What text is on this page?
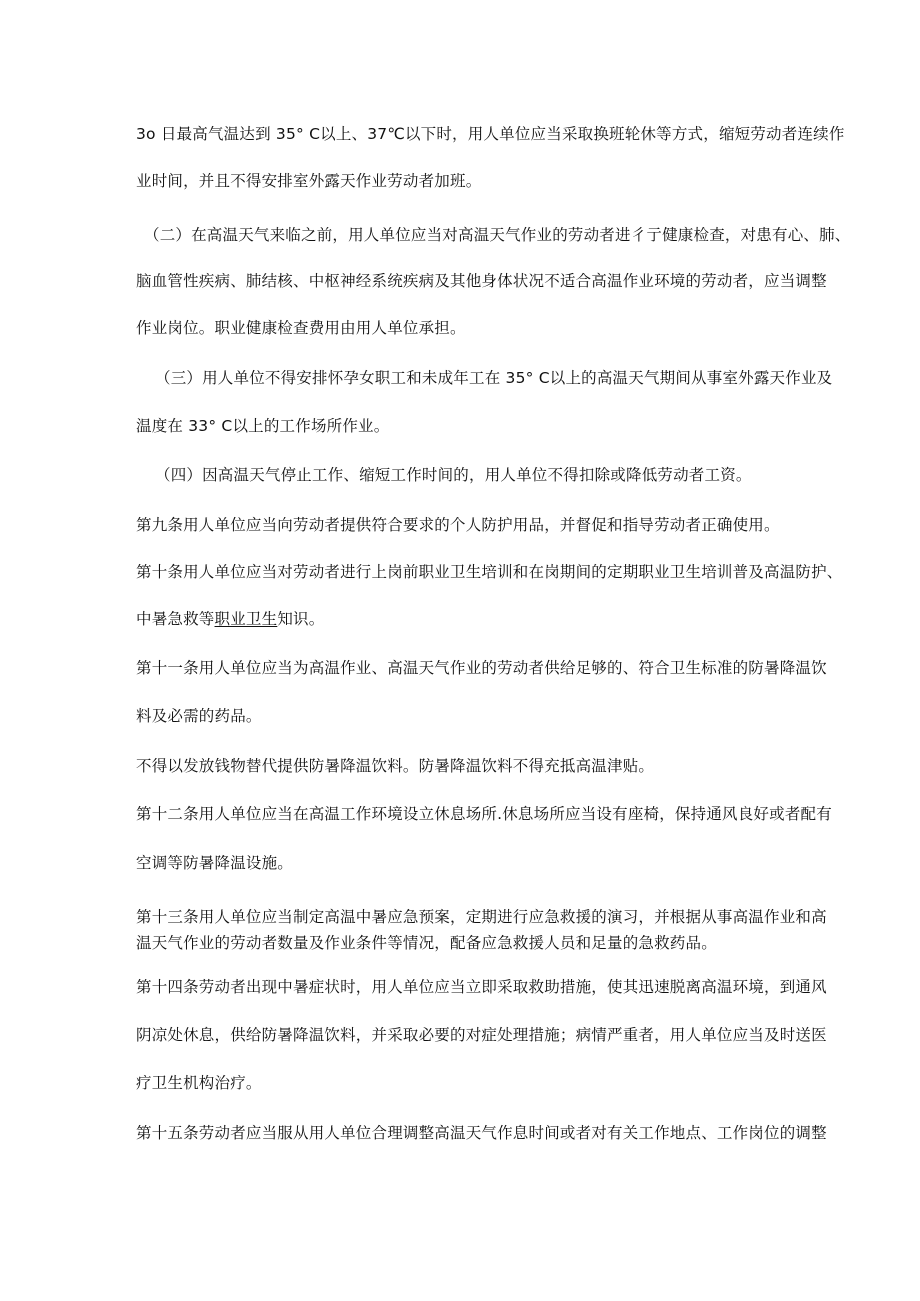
3o 日最高气温达到 35° C以上、37℃以下时，用人单位应当采取换班轮休等方式，缩短劳动者连续作
业时间，并且不得安排室外露天作业劳动者加班。
（二）在高温天气来临之前，用人单位应当对高温天气作业的劳动者进彳亍健康检查，对患有心、肺、
脑血管性疾病、肺结核、中枢神经系统疾病及其他身体状况不适合高温作业环境的劳动者，应当调整
作业岗位。职业健康检查费用由用人单位承担。
（三）用人单位不得安排怀孕女职工和未成年工在 35° C以上的高温天气期间从事室外露天作业及
温度在 33° C以上的工作场所作业。
（四）因高温天气停止工作、缩短工作时间的，用人单位不得扣除或降低劳动者工资。
第九条用人单位应当向劳动者提供符合要求的个人防护用品，并督促和指导劳动者正确使用。
第十条用人单位应当对劳动者进行上岗前职业卫生培训和在岗期间的定期职业卫生培训普及高温防护、
中暑急救等职业卫生知识。
第十一条用人单位应当为高温作业、高温天气作业的劳动者供给足够的、符合卫生标准的防暑降温饮
料及必需的药品。
不得以发放钱物替代提供防暑降温饮料。防暑降温饮料不得充抵高温津贴。
第十二条用人单位应当在高温工作环境设立休息场所.休息场所应当设有座椅，保持通风良好或者配有
空调等防暑降温设施。
第十三条用人单位应当制定高温中暑应急预案，定期进行应急救援的演习，并根据从事高温作业和高
温天气作业的劳动者数量及作业条件等情况，配备应急救援人员和足量的急救药品。
第十四条劳动者出现中暑症状时，用人单位应当立即采取救助措施，使其迅速脱离高温环境，到通风
阴凉处休息，供给防暑降温饮料，并采取必要的对症处理措施；病情严重者，用人单位应当及时送医
疗卫生机构治疗。
第十五条劳动者应当服从用人单位合理调整高温天气作息时间或者对有关工作地点、工作岗位的调整
